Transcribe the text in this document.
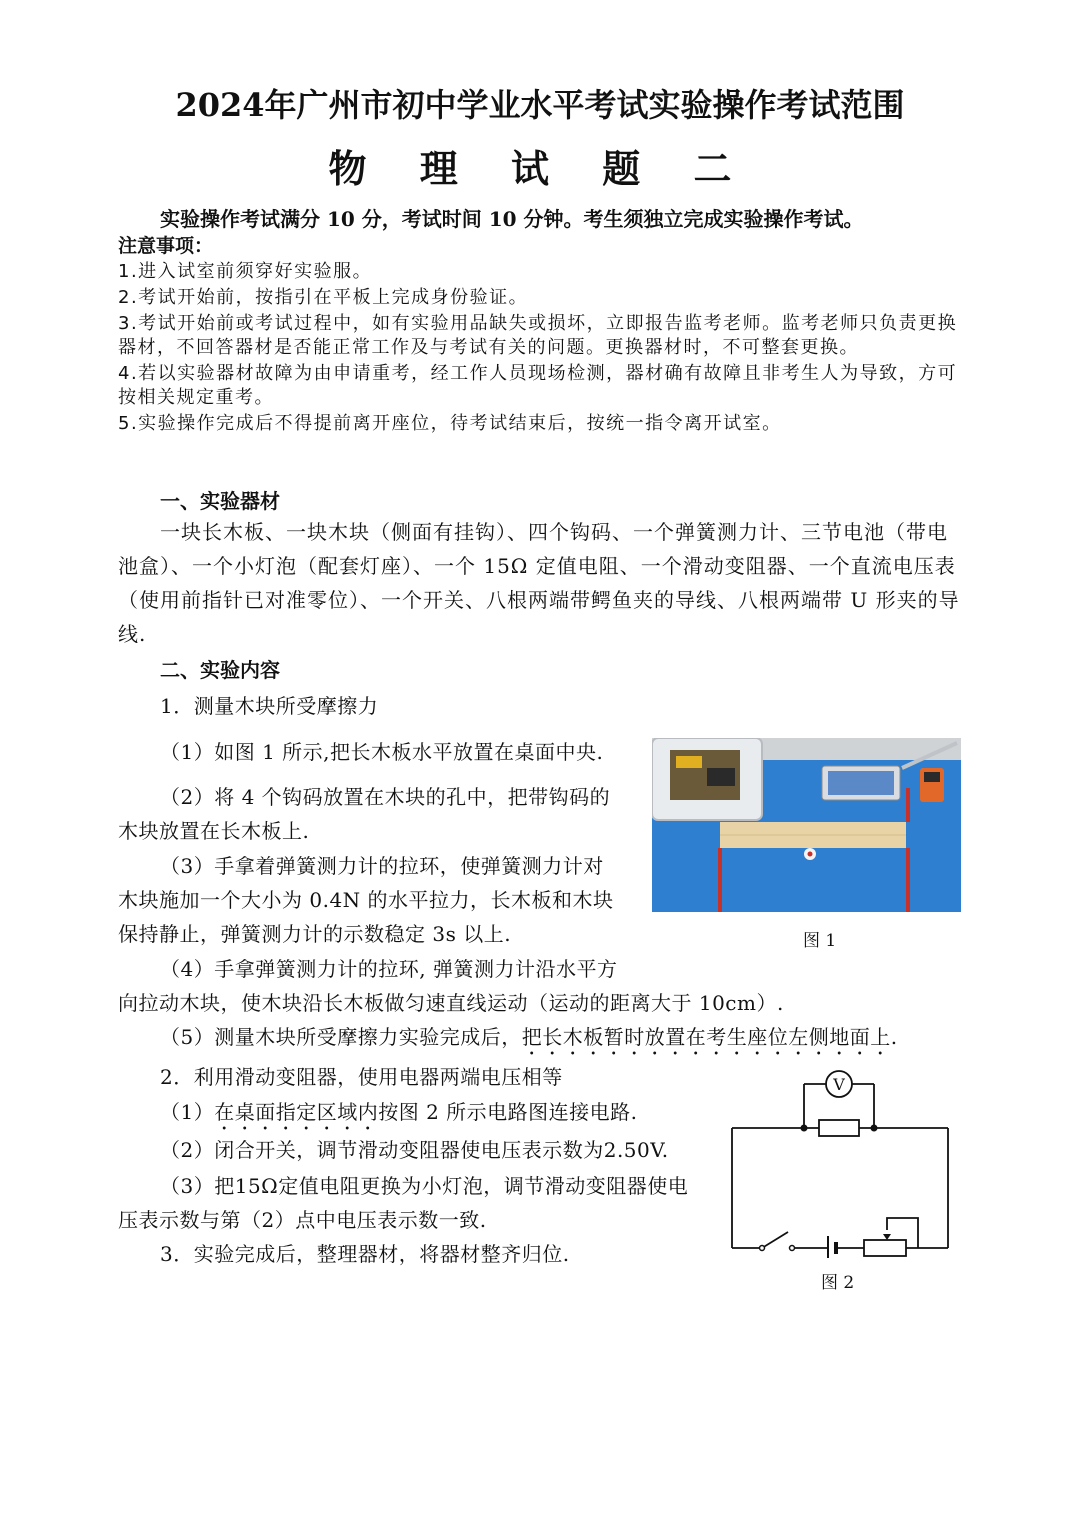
2024年广州市初中学业水平考试实验操作考试范围
物 理 试 题 二
实验操作考试满分 10 分，考试时间 10 分钟。考生须独立完成实验操作考试。
注意事项：
1.进入试室前须穿好实验服。
2.考试开始前，按指引在平板上完成身份验证。
3.考试开始前或考试过程中，如有实验用品缺失或损坏，立即报告监考老师。监考老师只负责更换器材，不回答器材是否能正常工作及与考试有关的问题。更换器材时，不可整套更换。
4.若以实验器材故障为由申请重考，经工作人员现场检测，器材确有故障且非考生人为导致，方可按相关规定重考。
5.实验操作完成后不得提前离开座位，待考试结束后，按统一指令离开试室。
一、实验器材
一块长木板、一块木块（侧面有挂钩）、四个钩码、一个弹簧测力计、三节电池（带电池盒）、一个小灯泡（配套灯座）、一个 15Ω 定值电阻、一个滑动变阻器、一个直流电压表（使用前指针已对准零位）、一个开关、八根两端带鳄鱼夹的导线、八根两端带 U 形夹的导线.
二、实验内容
1．测量木块所受摩擦力
（1）如图 1 所示,把长木板水平放置在桌面中央.
（2）将 4 个钩码放置在木块的孔中，把带钩码的
木块放置在长木板上.
（3）手拿着弹簧测力计的拉环，使弹簧测力计对
木块施加一个大小为 0.4N 的水平拉力，长木板和木块
保持静止，弹簧测力计的示数稳定 3s 以上.
（4）手拿弹簧测力计的拉环, 弹簧测力计沿水平方
向拉动木块，使木块沿长木板做匀速直线运动（运动的距离大于 10cm）.
（5）测量木块所受摩擦力实验完成后，把长木板暂时放置在考生座位左侧地面上.
2．利用滑动变阻器，使用电器两端电压相等
（1）在桌面指定区域内按图 2 所示电路图连接电路.
（2）闭合开关，调节滑动变阻器使电压表示数为2.50V.
（3）把15Ω定值电阻更换为小灯泡，调节滑动变阻器使电
压表示数与第（2）点中电压表示数一致.
3．实验完成后，整理器材，将器材整齐归位.
图 1
V
图 2
